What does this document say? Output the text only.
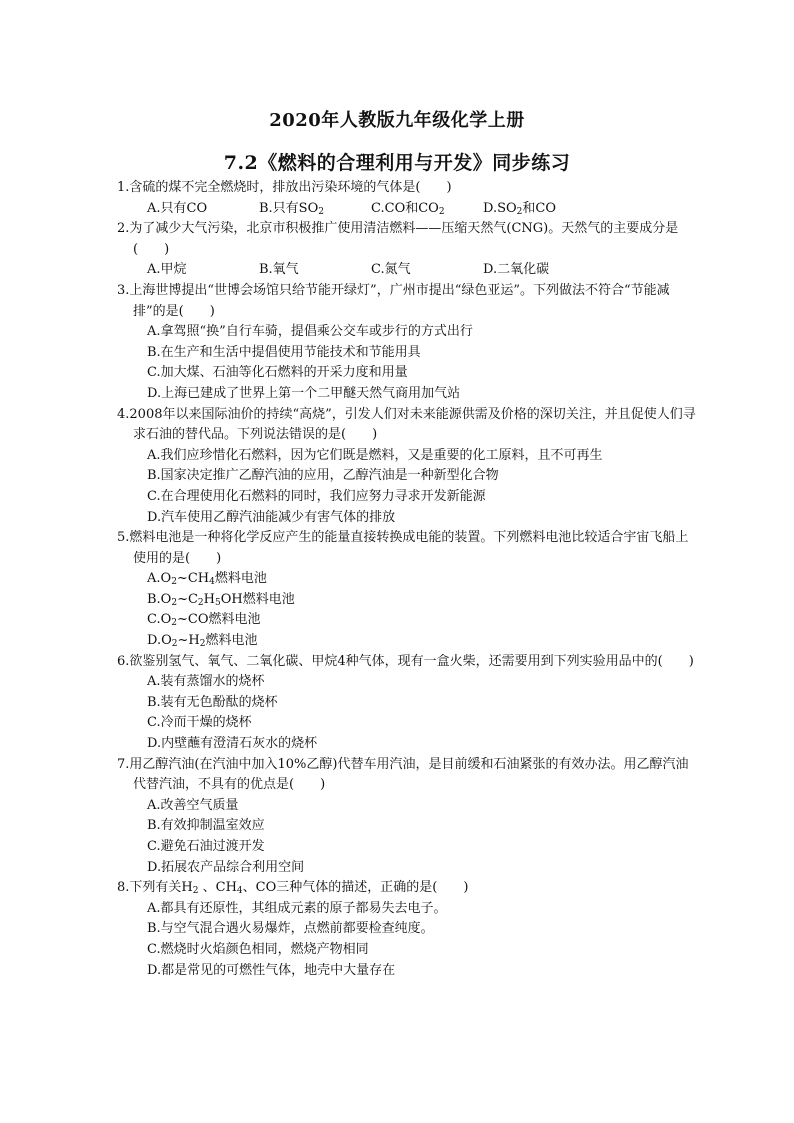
2020年人教版九年级化学上册
7.2《燃料的合理利用与开发》同步练习
1.含硫的煤不完全燃烧时，排放出污染环境的气体是(　　)
A.只有CO	B.只有$SO_2$	C.CO和$CO_2$	$D.SO_2$和CO
2.为了减少大气污染，北京市积极推广使用清洁燃料——压缩天然气(CNG)。天然气的主要成分是(　　)
A.甲烷	B.氧气	C.氮气	D.二氧化碳
3.上海世博提出“世博会场馆只给节能开绿灯”，广州市提出“绿色亚运”。下列做法不符合“节能减排”的是(　　)
A.拿驾照“换”自行车骑，提倡乘公交车或步行的方式出行
B.在生产和生活中提倡使用节能技术和节能用具
C.加大煤、石油等化石燃料的开采力度和用量
D.上海已建成了世界上第一个二甲醚天然气商用加气站
4.2008年以来国际油价的持续“高烧”，引发人们对未来能源供需及价格的深切关注，并且促使人们寻求石油的替代品。下列说法错误的是(　　)
A.我们应珍惜化石燃料，因为它们既是燃料，又是重要的化工原料，且不可再生
B.国家决定推广乙醇汽油的应用，乙醇汽油是一种新型化合物
C.在合理使用化石燃料的同时，我们应努力寻求开发新能源
D.汽车使用乙醇汽油能减少有害气体的排放
5.燃料电池是一种将化学反应产生的能量直接转换成电能的装置。下列燃料电池比较适合宇宙飞船上使用的是(　　)
$A.O_2\sim CH_4$燃料电池
$B.O_2\sim C_2H_5OH$燃料电池
$C.O_2\sim CO$燃料电池
$D.O_2\sim H_2$燃料电池
6.欲鉴别氢气、氧气、二氧化碳、甲烷4种气体，现有一盒火柴，还需要用到下列实验用品中的(　　)
A.装有蒸馏水的烧杯
B.装有无色酚酞的烧杯
C.冷而干燥的烧杯
D.内壁蘸有澄清石灰水的烧杯
7.用乙醇汽油(在汽油中加入10%乙醇)代替车用汽油，是目前缓和石油紧张的有效办法。用乙醇汽油代替汽油，不具有的优点是(　　)
A.改善空气质量
B.有效抑制温室效应
C.避免石油过渡开发
D.拓展农产品综合利用空间
8.下列有关$H_2$ 、$CH_4$、CO三种气体的描述，正确的是(　　)
A.都具有还原性，其组成元素的原子都易失去电子。
B.与空气混合遇火易爆炸，点燃前都要检查纯度。
C.燃烧时火焰颜色相同，燃烧产物相同
D.都是常见的可燃性气体，地壳中大量存在
